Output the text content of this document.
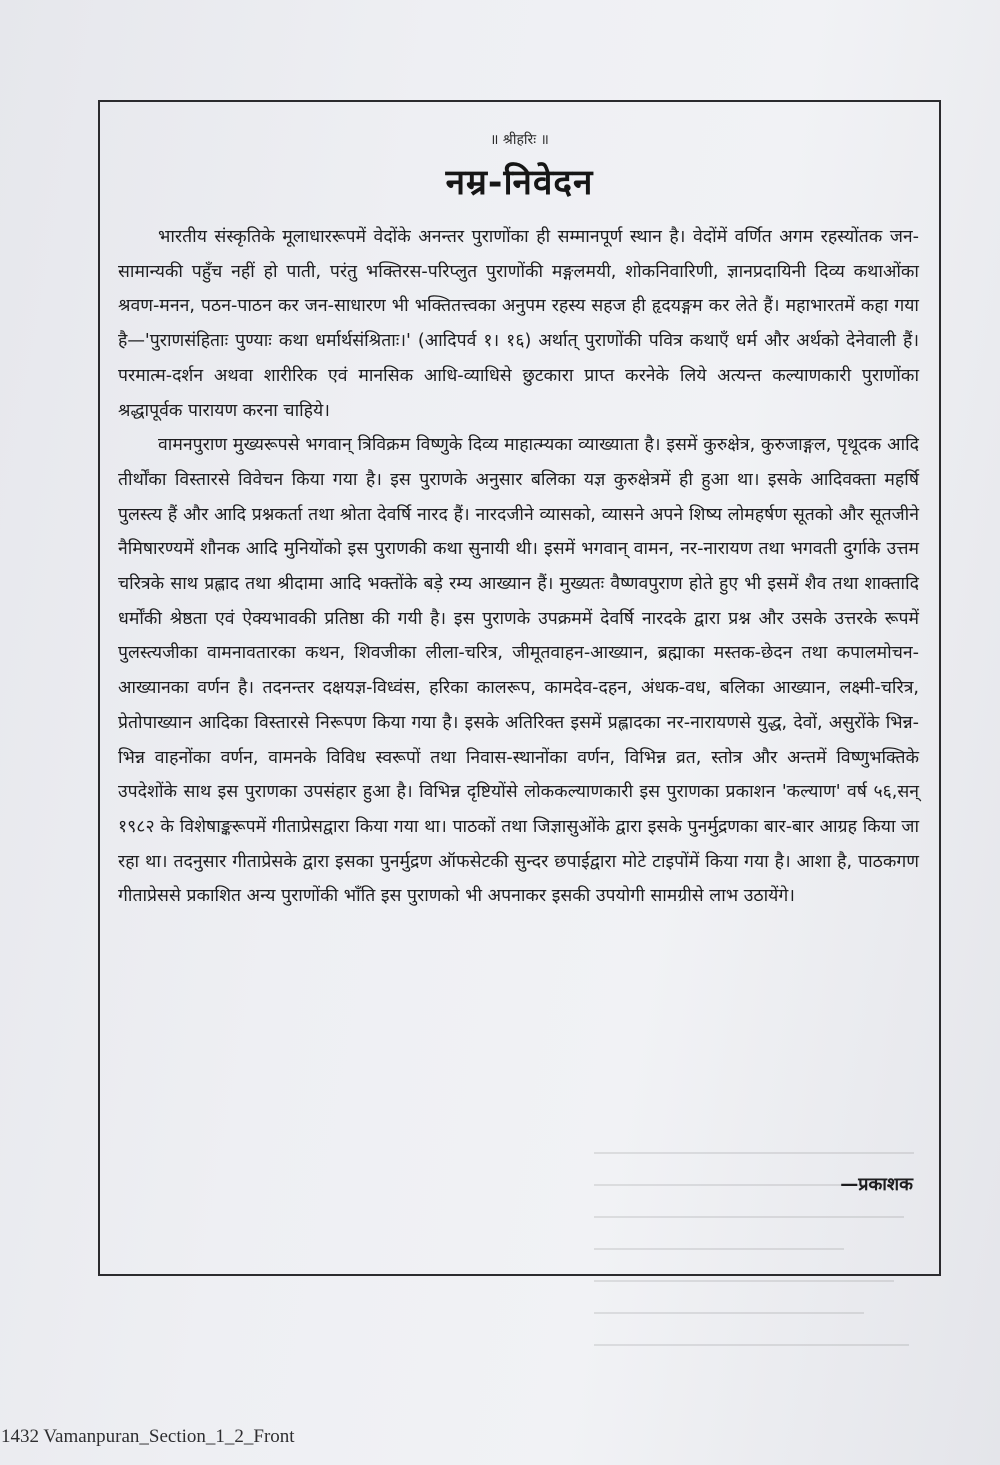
॥ श्रीहरिः ॥
नम्र-निवेदन

भारतीय संस्कृतिके मूलाधाररूपमें वेदोंके अनन्तर पुराणोंका ही सम्मानपूर्ण स्थान है। वेदोंमें वर्णित अगम रहस्योंतक जन-सामान्यकी पहुँच नहीं हो पाती, परंतु भक्तिरस-परिप्लुत पुराणोंकी मङ्गलमयी, शोकनिवारिणी, ज्ञानप्रदायिनी दिव्य कथाओंका श्रवण-मनन, पठन-पाठन कर जन-साधारण भी भक्तितत्त्वका अनुपम रहस्य सहज ही हृदयङ्गम कर लेते हैं। महाभारतमें कहा गया है—'पुराणसंहिताः पुण्याः कथा धर्मार्थसंश्रिताः।' (आदिपर्व १। १६) अर्थात् पुराणोंकी पवित्र कथाएँ धर्म और अर्थको देनेवाली हैं। परमात्म-दर्शन अथवा शारीरिक एवं मानसिक आधि-व्याधिसे छुटकारा प्राप्त करनेके लिये अत्यन्त कल्याणकारी पुराणोंका श्रद्धापूर्वक पारायण करना चाहिये।

वामनपुराण मुख्यरूपसे भगवान् त्रिविक्रम विष्णुके दिव्य माहात्म्यका व्याख्याता है। इसमें कुरुक्षेत्र, कुरुजाङ्गल, पृथूदक आदि तीर्थोंका विस्तारसे विवेचन किया गया है। इस पुराणके अनुसार बलिका यज्ञ कुरुक्षेत्रमें ही हुआ था। इसके आदिवक्ता महर्षि पुलस्त्य हैं और आदि प्रश्नकर्ता तथा श्रोता देवर्षि नारद हैं। नारदजीने व्यासको, व्यासने अपने शिष्य लोमहर्षण सूतको और सूतजीने नैमिषारण्यमें शौनक आदि मुनियोंको इस पुराणकी कथा सुनायी थी। इसमें भगवान् वामन, नर-नारायण तथा भगवती दुर्गाके उत्तम चरित्रके साथ प्रह्लाद तथा श्रीदामा आदि भक्तोंके बड़े रम्य आख्यान हैं। मुख्यतः वैष्णवपुराण होते हुए भी इसमें शैव तथा शाक्तादि धर्मोंकी श्रेष्ठता एवं ऐक्यभावकी प्रतिष्ठा की गयी है। इस पुराणके उपक्रममें देवर्षि नारदके द्वारा प्रश्न और उसके उत्तरके रूपमें पुलस्त्यजीका वामनावतारका कथन, शिवजीका लीला-चरित्र, जीमूतवाहन-आख्यान, ब्रह्माका मस्तक-छेदन तथा कपालमोचन-आख्यानका वर्णन है। तदनन्तर दक्षयज्ञ-विध्वंस, हरिका कालरूप, कामदेव-दहन, अंधक-वध, बलिका आख्यान, लक्ष्मी-चरित्र, प्रेतोपाख्यान आदिका विस्तारसे निरूपण किया गया है। इसके अतिरिक्त इसमें प्रह्लादका नर-नारायणसे युद्ध, देवों, असुरोंके भिन्न-भिन्न वाहनोंका वर्णन, वामनके विविध स्वरूपों तथा निवास-स्थानोंका वर्णन, विभिन्न व्रत, स्तोत्र और अन्तमें विष्णुभक्तिके उपदेशोंके साथ इस पुराणका उपसंहार हुआ है। विभिन्न दृष्टियोंसे लोककल्याणकारी इस पुराणका प्रकाशन 'कल्याण' वर्ष ५६,सन् १९८२ के विशेषाङ्करूपमें गीताप्रेसद्वारा किया गया था। पाठकों तथा जिज्ञासुओंके द्वारा इसके पुनर्मुद्रणका बार-बार आग्रह किया जा रहा था। तदनुसार गीताप्रेसके द्वारा इसका पुनर्मुद्रण ऑफसेटकी सुन्दर छपाईद्वारा मोटे टाइपोंमें किया गया है। आशा है, पाठकगण गीताप्रेससे प्रकाशित अन्य पुराणोंकी भाँति इस पुराणको भी अपनाकर इसकी उपयोगी सामग्रीसे लाभ उठायेंगे।

—प्रकाशक
1432 Vamanpuran_Section_1_2_Front
